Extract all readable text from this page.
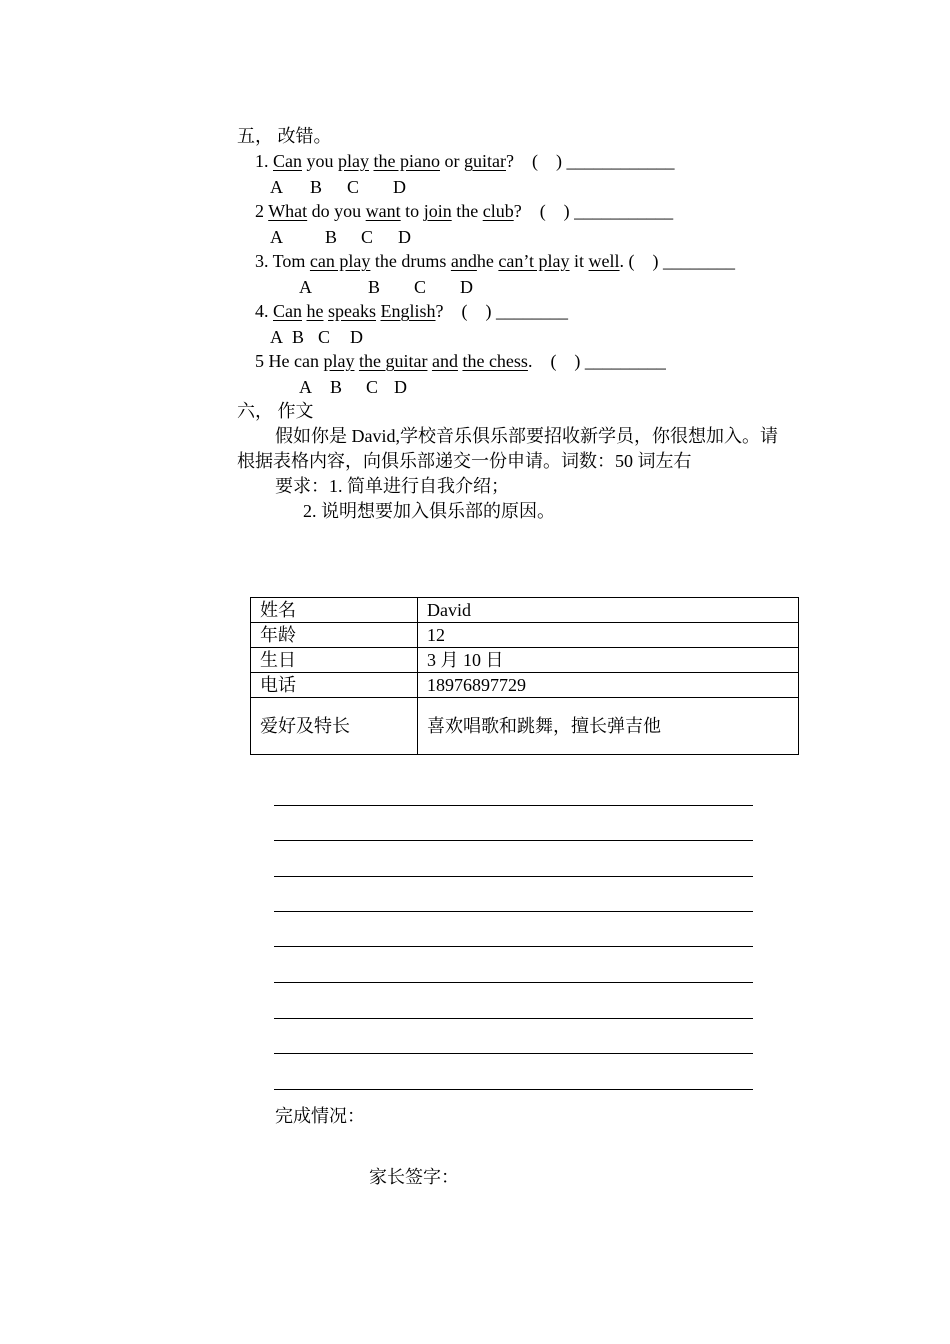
五， 改错。
1. Can you play the piano or guitar?    (    ) ____________
A B C D
2 What do you want to join the club?    (    ) ___________
A B C D
3. Tom can play the drums andhe can’t play it well. (    ) ________
A	B C D
4. Can he speaks English?    (    ) ________
A B C D
5 He can play the guitar and the chess.    (    ) _________
A B C D
六， 作文
假如你是 David,学校音乐俱乐部要招收新学员，你很想加入。请
根据表格内容，向俱乐部递交一份申请。词数：50 词左右
要求：1. 简单进行自我介绍；
2. 说明想要加入俱乐部的原因。
姓名	David
年龄	12
生日	3 月 10 日
电话	18976897729
爱好及特长	喜欢唱歌和跳舞，擅长弹吉他
完成情况：
家长签字：
